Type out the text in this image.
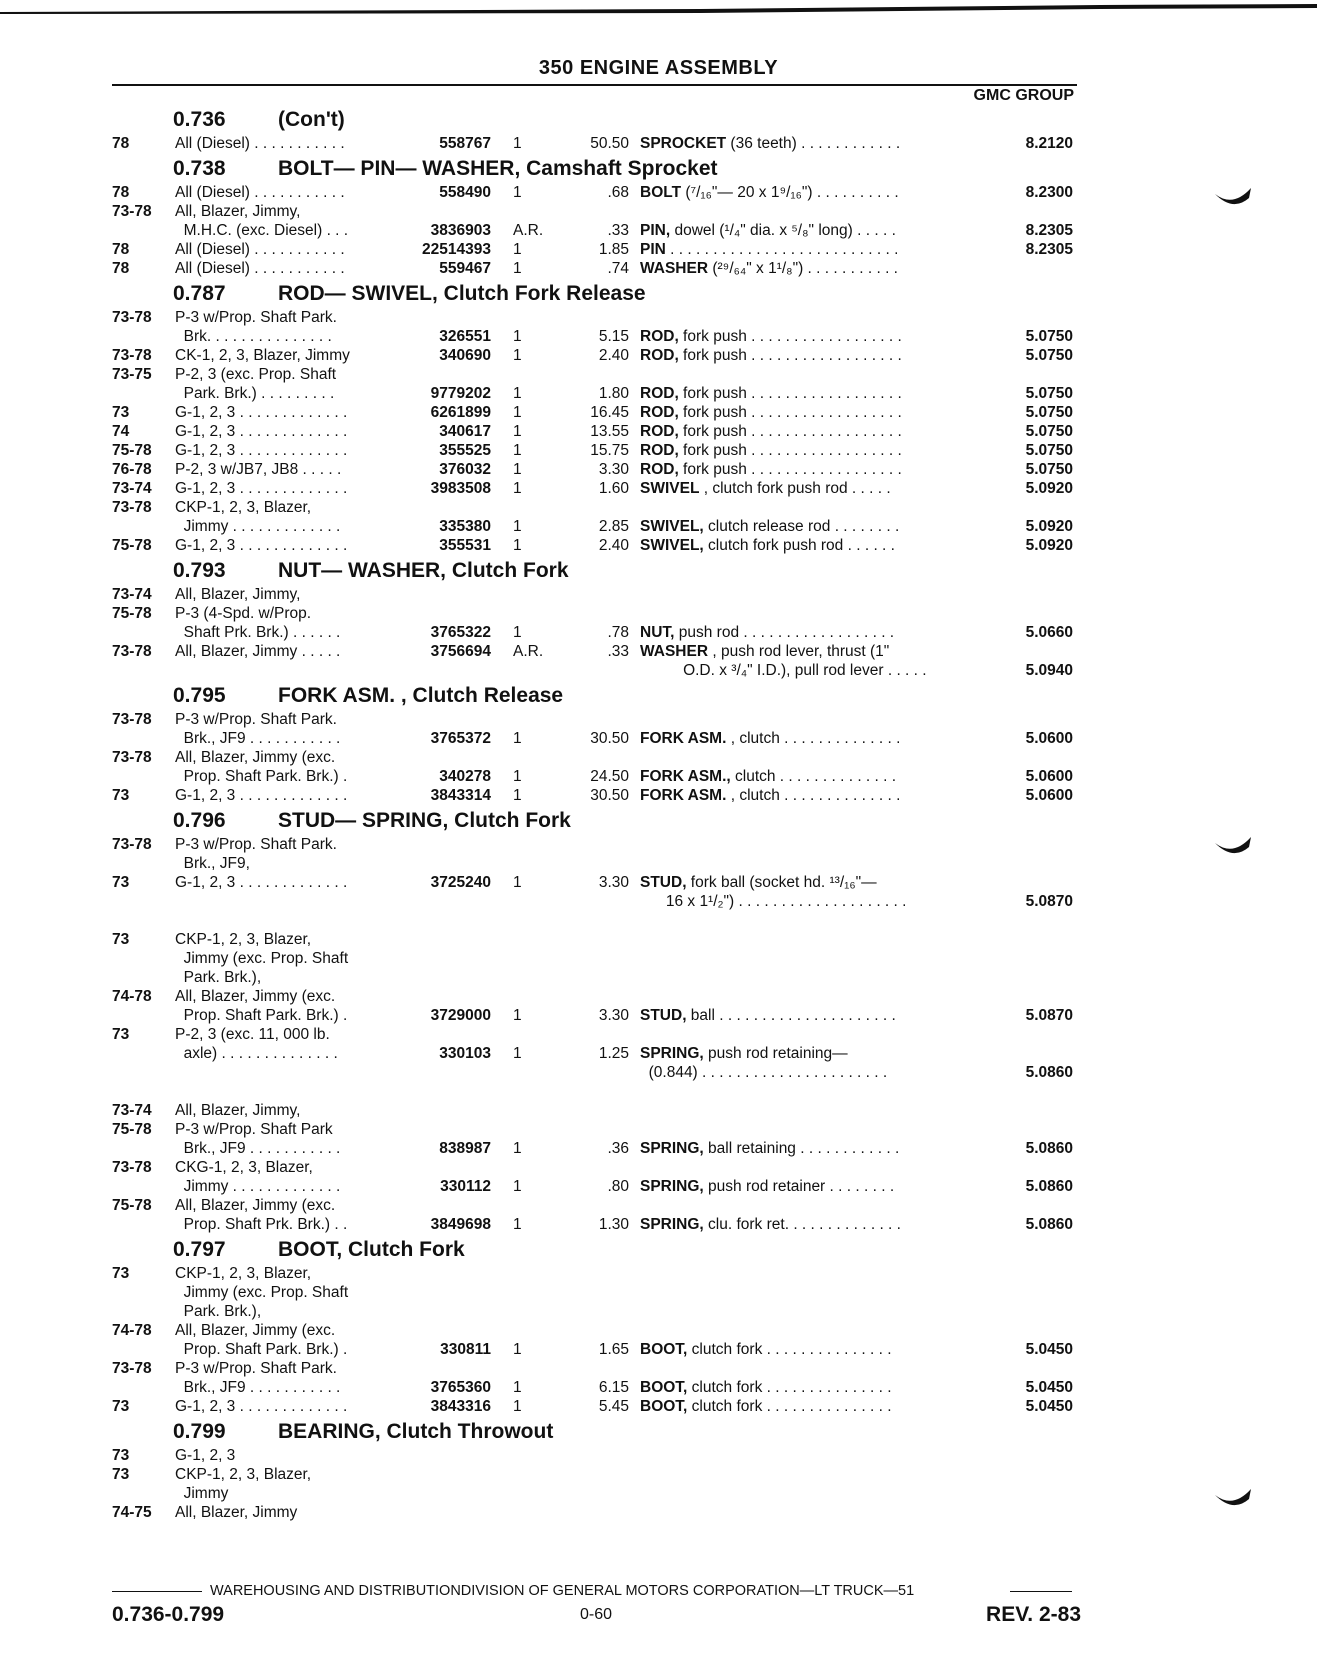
350 ENGINE ASSEMBLY
GMC GROUP
0.736 (Con't)
78	All (Diesel) . . . . . . . . . . .	558767 1	50.50 SPROCKET (36 teeth) . . . . . . . . . . . .	8.2120
0.738 BOLT— PIN— WASHER, Camshaft Sprocket
78	All (Diesel) . . . . . . . . . . .	558490 1	.68 BOLT (⁷/₁₆"— 20 x 1⁹/₁₆") . . . . . . . . . .	8.2300
73-78 All, Blazer, Jimmy,
M.H.C. (exc. Diesel) . . .	3836903 A.R.	.33 PIN, dowel (¹/₄" dia. x ⁵/₈" long) . . . . .	8.2305
78	All (Diesel) . . . . . . . . . . .	22514393 1	1.85 PIN . . . . . . . . . . . . . . . . . . . . . . . . . . .	8.2305
78	All (Diesel) . . . . . . . . . . .	559467 1	.74 WASHER (²⁹/₆₄" x 1¹/₈") . . . . . . . . . . .
0.787 ROD— SWIVEL, Clutch Fork Release
73-78 P-3 w/Prop. Shaft Park.
Brk. . . . . . . . . . . . . . .	326551 1	5.15 ROD, fork push . . . . . . . . . . . . . . . . . .	5.0750
73-78 CK-1, 2, 3, Blazer, Jimmy	340690 1	2.40 ROD, fork push . . . . . . . . . . . . . . . . . .	5.0750
73-75 P-2, 3 (exc. Prop. Shaft
Park. Brk.) . . . . . . . . .	9779202 1	1.80 ROD, fork push . . . . . . . . . . . . . . . . . .	5.0750
73	G-1, 2, 3 . . . . . . . . . . . . .	6261899 1	16.45 ROD, fork push . . . . . . . . . . . . . . . . . .	5.0750
74	G-1, 2, 3 . . . . . . . . . . . . .	340617 1	13.55 ROD, fork push . . . . . . . . . . . . . . . . . .	5.0750
75-78 G-1, 2, 3 . . . . . . . . . . . . .	355525 1	15.75 ROD, fork push . . . . . . . . . . . . . . . . . .	5.0750
76-78 P-2, 3 w/JB7, JB8 . . . . .	376032 1	3.30 ROD, fork push . . . . . . . . . . . . . . . . . .	5.0750
73-74 G-1, 2, 3 . . . . . . . . . . . . .	3983508 1	1.60 SWIVEL , clutch fork push rod . . . . .	5.0920
73-78 CKP-1, 2, 3, Blazer,
Jimmy . . . . . . . . . . . . .	335380 1	2.85 SWIVEL, clutch release rod . . . . . . . .	5.0920
75-78 G-1, 2, 3 . . . . . . . . . . . . .	355531 1	2.40 SWIVEL, clutch fork push rod . . . . . .	5.0920
0.793 NUT— WASHER, Clutch Fork
73-74 All, Blazer, Jimmy,
75-78 P-3 (4-Spd. w/Prop.
Shaft Prk. Brk.) . . . . . .	3765322 1	.78 NUT, push rod . . . . . . . . . . . . . . . . . .	5.0660
73-78 All, Blazer, Jimmy . . . . .	3756694 A.R.	.33 WASHER , push rod lever, thrust (1"
O.D. x ³/₄" I.D.), pull rod lever . . . . .	5.0940
0.795 FORK ASM. , Clutch Release
73-78 P-3 w/Prop. Shaft Park.
Brk., JF9 . . . . . . . . . . .	3765372 1	30.50 FORK ASM. , clutch . . . . . . . . . . . . . .	5.0600
73-78 All, Blazer, Jimmy (exc.
Prop. Shaft Park. Brk.) .	340278 1	24.50 FORK ASM., clutch . . . . . . . . . . . . . .	5.0600
73	G-1, 2, 3 . . . . . . . . . . . . .	3843314 1	30.50 FORK ASM. , clutch . . . . . . . . . . . . . .	5.0600
0.796 STUD— SPRING, Clutch Fork
73-78 P-3 w/Prop. Shaft Park.
Brk., JF9,
73	G-1, 2, 3 . . . . . . . . . . . . .	3725240 1	3.30 STUD, fork ball (socket hd. ¹³/₁₆"—
16 x 1¹/₂") . . . . . . . . . . . . . . . . . . . .	5.0870
73	CKP-1, 2, 3, Blazer,
Jimmy (exc. Prop. Shaft
Park. Brk.),
74-78 All, Blazer, Jimmy (exc.
Prop. Shaft Park. Brk.) .	3729000 1	3.30 STUD, ball . . . . . . . . . . . . . . . . . . . . .	5.0870
73	P-2, 3 (exc. 11, 000 lb.
axle) . . . . . . . . . . . . . .	330103 1	1.25 SPRING, push rod retaining—
(0.844) . . . . . . . . . . . . . . . . . . . . . .	5.0860
73-74 All, Blazer, Jimmy,
75-78 P-3 w/Prop. Shaft Park
Brk., JF9 . . . . . . . . . . .	838987 1	.36 SPRING, ball retaining . . . . . . . . . . . .	5.0860
73-78 CKG-1, 2, 3, Blazer,
Jimmy . . . . . . . . . . . . .	330112 1	.80 SPRING, push rod retainer . . . . . . . .	5.0860
75-78 All, Blazer, Jimmy (exc.
Prop. Shaft Prk. Brk.) . .	3849698 1	1.30 SPRING, clu. fork ret. . . . . . . . . . . . . .	5.0860
0.797 BOOT, Clutch Fork
73	CKP-1, 2, 3, Blazer,
Jimmy (exc. Prop. Shaft
Park. Brk.),
74-78 All, Blazer, Jimmy (exc.
Prop. Shaft Park. Brk.) .	330811 1	1.65 BOOT, clutch fork . . . . . . . . . . . . . . .	5.0450
73-78 P-3 w/Prop. Shaft Park.
Brk., JF9 . . . . . . . . . . .	3765360 1	6.15 BOOT, clutch fork . . . . . . . . . . . . . . .	5.0450
73	G-1, 2, 3 . . . . . . . . . . . . .	3843316 1	5.45 BOOT, clutch fork . . . . . . . . . . . . . . .	5.0450
0.799 BEARING, Clutch Throwout
73	G-1, 2, 3
73	CKP-1, 2, 3, Blazer,
Jimmy
74-75 All, Blazer, Jimmy
WAREHOUSING AND DISTRIBUTIONDIVISION OF GENERAL MOTORS CORPORATION—LT TRUCK—51
0.736-0.799	0-60	REV. 2-83
